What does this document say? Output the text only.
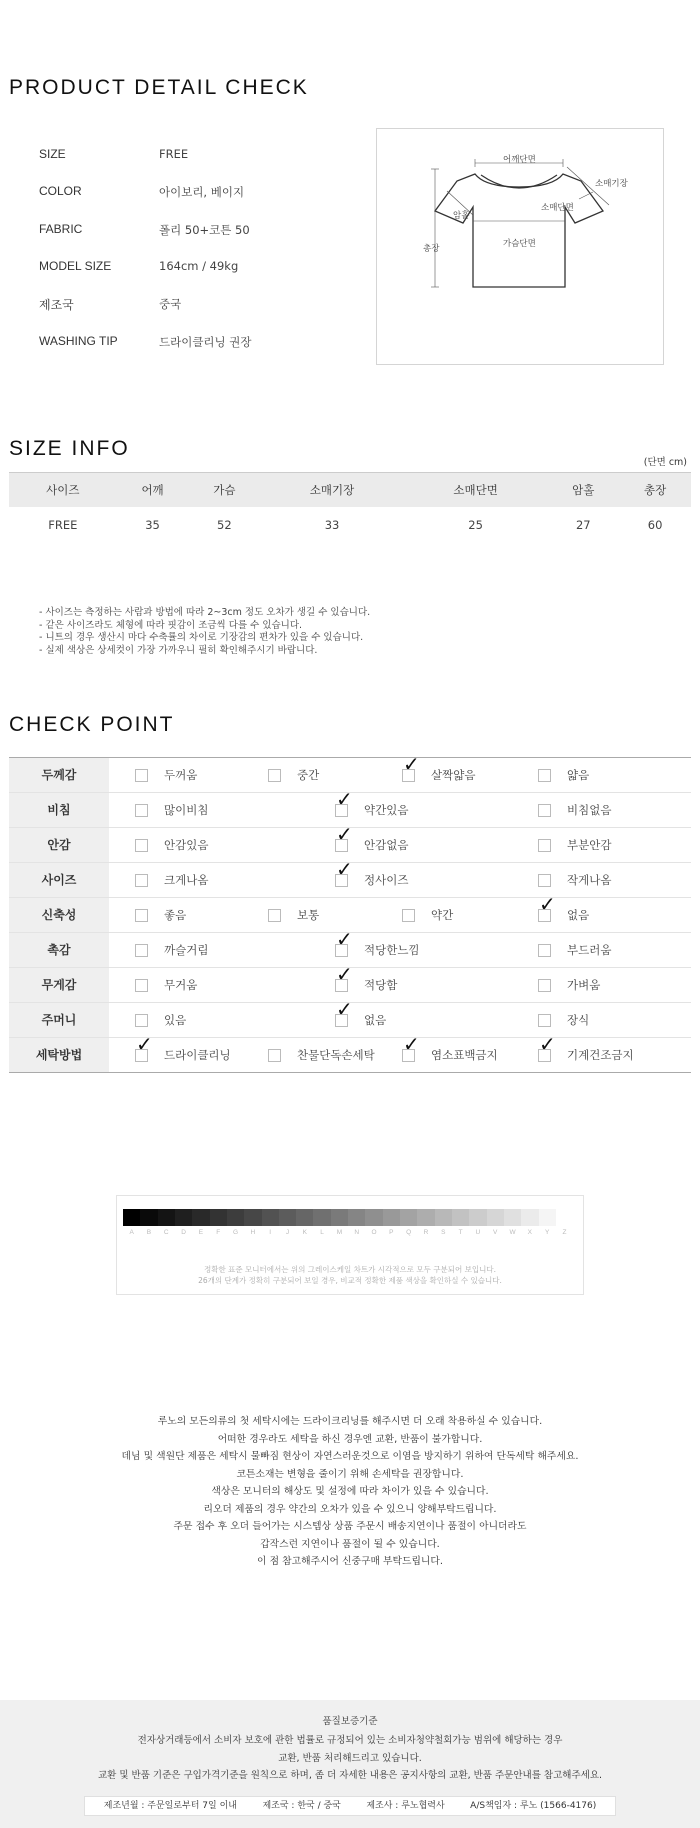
PRODUCT DETAIL CHECK
SIZE	FREE
COLOR	아이보리, 베이지
FABRIC	폴리 50+코튼 50
MODEL SIZE	164cm / 49kg
제조국	중국
WASHING TIP	드라이클리닝 권장
어깨단면
소매기장
암홀
소매단면
가슴단면
총장
SIZE INFO
(단면 cm)
사이즈	어깨	가슴	소매기장	소매단면	암홀	총장
FREE	35	52	33	25	27	60
- 사이즈는 측정하는 사람과 방법에 따라 2~3cm 정도 오차가 생길 수 있습니다.
- 같은 사이즈라도 체형에 따라 핏감이 조금씩 다를 수 있습니다.
- 니트의 경우 생산시 마다 수축률의 차이로 기장감의 편차가 있을 수 있습니다.
- 실제 색상은 상세컷이 가장 가까우니 필히 확인해주시기 바랍니다.
CHECK POINT
두께감	두꺼움	중간	✓ 살짝얇음	얇음
비침	많이비침	✓ 약간있음	비침없음
안감	안감있음	✓ 안감없음	부분안감
사이즈	크게나옴	✓ 정사이즈	작게나옴
신축성	좋음	보통	약간	✓ 없음
촉감	까슬거림	✓ 적당한느낌	부드러움
무게감	무거움	✓ 적당함	가벼움
주머니	있음	✓ 없음	장식
세탁방법	✓ 드라이클리닝	찬물단독손세탁 ✓ 염소표백금지 ✓ 기계건조금지
A	B	C	D	E	F	G	H	I	J	K	L	M	N	O	P	Q	R	S	T	U	V	W	X	Y	Z
정확한 표준 모니터에서는 위의 그레이스케일 차트가 시각적으로 모두 구분되어 보입니다.
26개의 단계가 정확히 구분되어 보일 경우, 비교적 정확한 제품 색상을 확인하실 수 있습니다.
루노의 모든의류의 첫 세탁시에는 드라이크리닝를 해주시면 더 오래 착용하실 수 있습니다.
어떠한 경우라도 세탁을 하신 경우엔 교환, 반품이 불가합니다.
데님 및 색원단 제품은 세탁시 물빠짐 현상이 자연스러운것으로 이염을 방지하기 위하여 단독세탁 해주세요.
코튼소재는 변형을 줄이기 위해 손세탁을 권장합니다.
색상은 모니터의 해상도 및 설정에 따라 차이가 있을 수 있습니다.
리오더 제품의 경우 약간의 오차가 있을 수 있으니 양해부탁드립니다.
주문 접수 후 오더 들어가는 시스템상 상품 주문시 배송지연이나 품절이 아니더라도
갑작스런 지연이나 품절이 될 수 있습니다.
이 점 참고해주시어 신중구매 부탁드립니다.
품질보증기준
전자상거래등에서 소비자 보호에 관한 법률로 규정되어 있는 소비자청약철회가능 범위에 해당하는 경우
교환, 반품 처리해드리고 있습니다.
교환 및 반품 기준은 구입가격기준을 원칙으로 하며, 좀 더 자세한 내용은 공지사항의 교환, 반품 주문안내를 참고해주세요.
제조년월 : 주문일로부터 7일 이내	제조국 : 한국 / 중국	제조사 : 루노협력사	A/S책임자 : 루노 (1566-4176)
